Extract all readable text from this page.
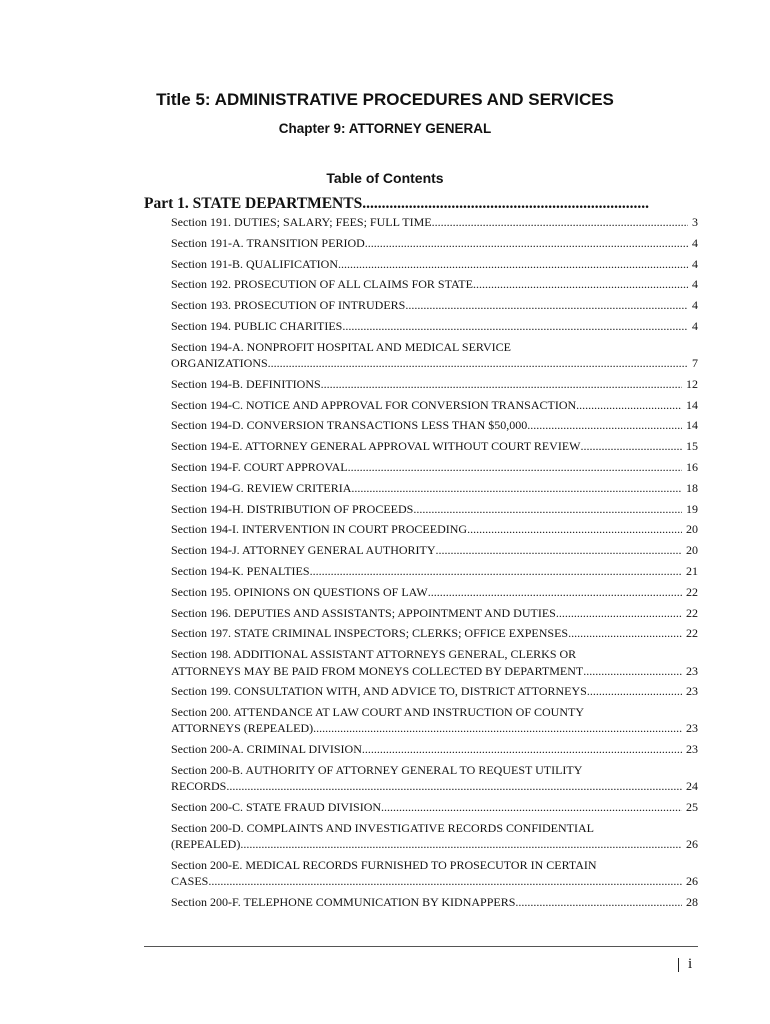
Title 5: ADMINISTRATIVE PROCEDURES AND SERVICES
Chapter 9: ATTORNEY GENERAL
Table of Contents
Part 1. STATE DEPARTMENTS
.....
Section 191. DUTIES; SALARY; FEES; FULL TIME .....	3
Section 191-A. TRANSITION PERIOD .....	4
Section 191-B. QUALIFICATION .....	4
Section 192. PROSECUTION OF ALL CLAIMS FOR STATE .....	4
Section 193. PROSECUTION OF INTRUDERS .....	4
Section 194. PUBLIC CHARITIES .....	4
Section 194-A. NONPROFIT HOSPITAL AND MEDICAL SERVICE
ORGANIZATIONS .....	7
Section 194-B. DEFINITIONS .....	12
Section 194-C. NOTICE AND APPROVAL FOR CONVERSION TRANSACTION .....	14
Section 194-D. CONVERSION TRANSACTIONS LESS THAN $50,000 .....	14
Section 194-E. ATTORNEY GENERAL APPROVAL WITHOUT COURT REVIEW .....	15
Section 194-F. COURT APPROVAL .....	16
Section 194-G. REVIEW CRITERIA .....	18
Section 194-H. DISTRIBUTION OF PROCEEDS .....	19
Section 194-I. INTERVENTION IN COURT PROCEEDING .....	20
Section 194-J. ATTORNEY GENERAL AUTHORITY .....	20
Section 194-K. PENALTIES .....	21
Section 195. OPINIONS ON QUESTIONS OF LAW .....	22
Section 196. DEPUTIES AND ASSISTANTS; APPOINTMENT AND DUTIES .....	22
Section 197. STATE CRIMINAL INSPECTORS; CLERKS; OFFICE EXPENSES .....	22
Section 198. ADDITIONAL ASSISTANT ATTORNEYS GENERAL, CLERKS OR
ATTORNEYS MAY BE PAID FROM MONEYS COLLECTED BY DEPARTMENT .....	23
Section 199. CONSULTATION WITH, AND ADVICE TO, DISTRICT ATTORNEYS .....	23
Section 200. ATTENDANCE AT LAW COURT AND INSTRUCTION OF COUNTY
ATTORNEYS (REPEALED) .....	23
Section 200-A. CRIMINAL DIVISION .....	23
Section 200-B. AUTHORITY OF ATTORNEY GENERAL TO REQUEST UTILITY
RECORDS .....	24
Section 200-C. STATE FRAUD DIVISION .....	25
Section 200-D. COMPLAINTS AND INVESTIGATIVE RECORDS CONFIDENTIAL
(REPEALED) .....	26
Section 200-E. MEDICAL RECORDS FURNISHED TO PROSECUTOR IN CERTAIN
CASES .....	26
Section 200-F. TELEPHONE COMMUNICATION BY KIDNAPPERS .....	28
i
